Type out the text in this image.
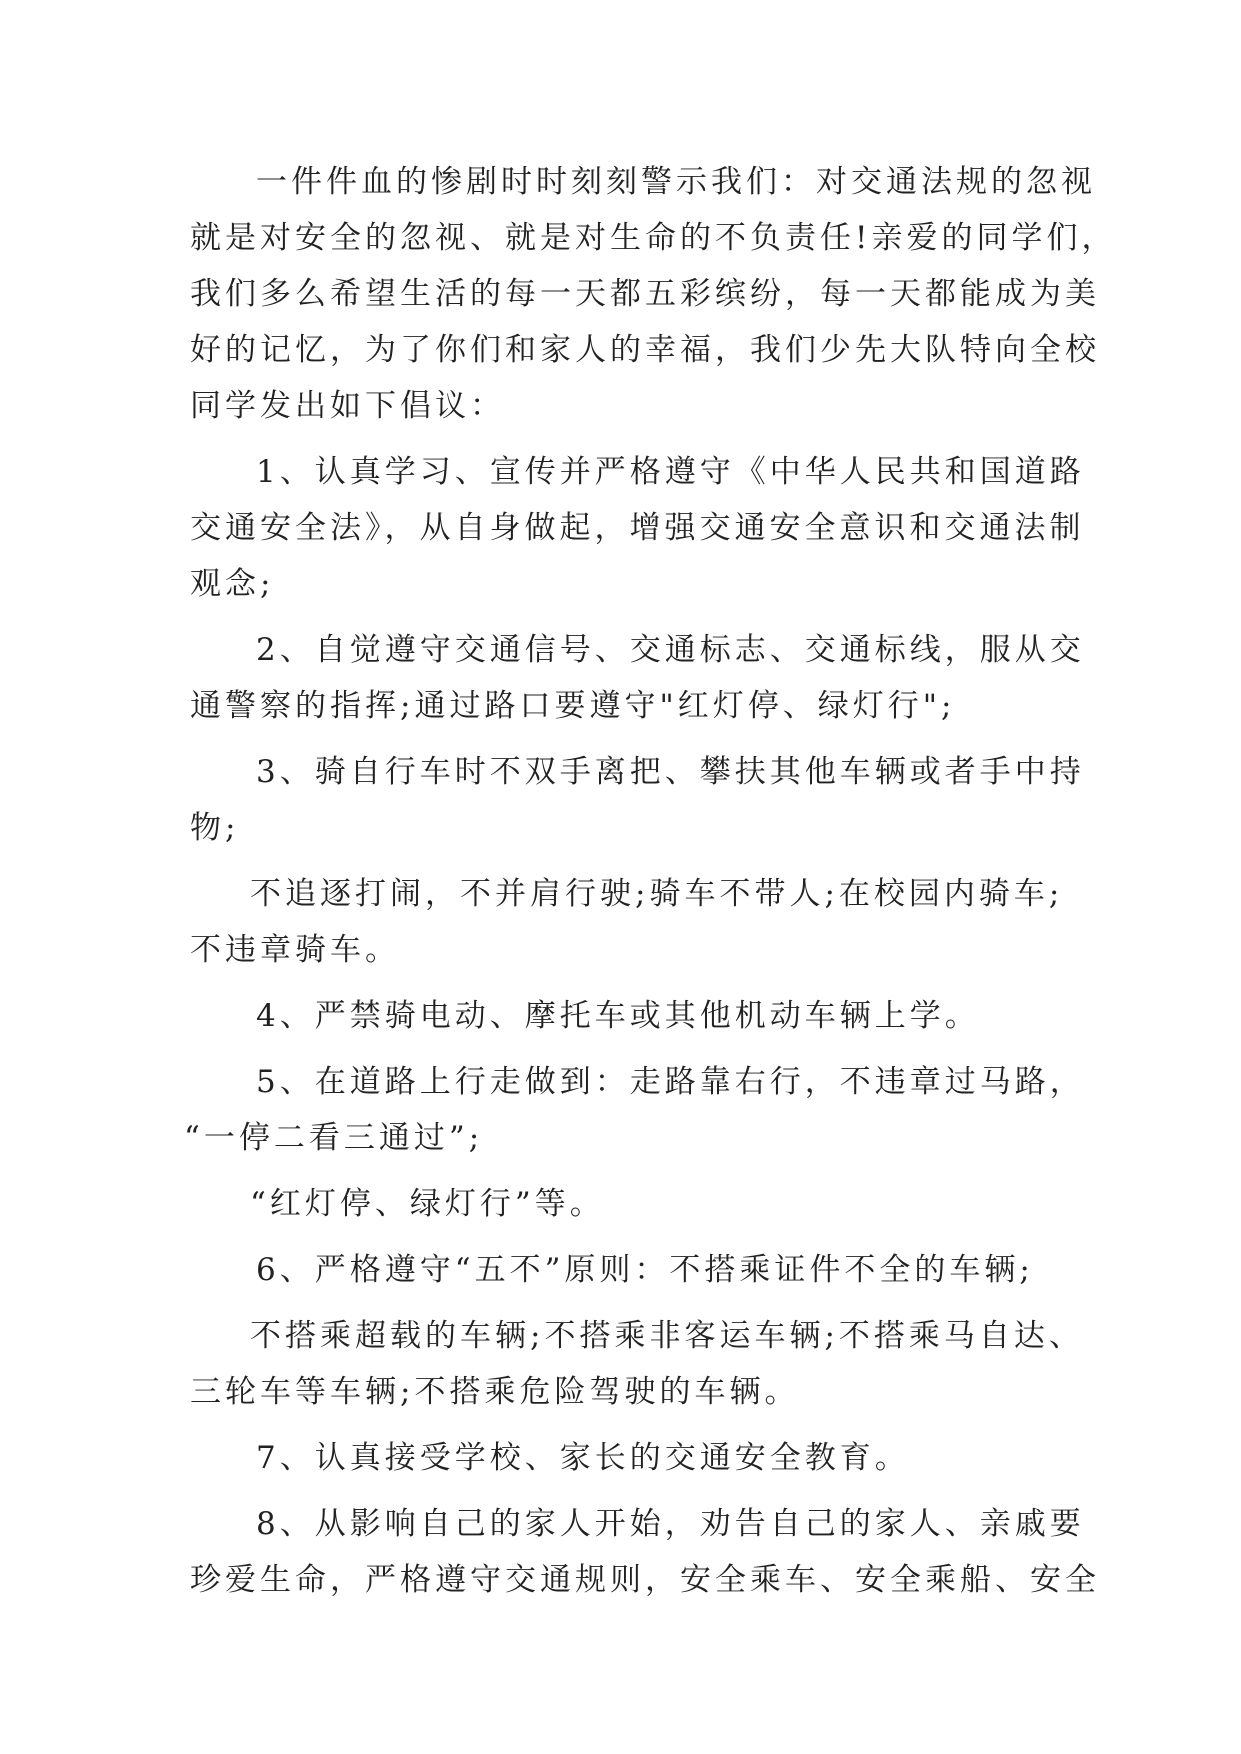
一件件血的惨剧时时刻刻警示我们：对交通法规的忽视
就是对安全的忽视、就是对生命的不负责任!亲爱的同学们，
我们多么希望生活的每一天都五彩缤纷，每一天都能成为美
好的记忆，为了你们和家人的幸福，我们少先大队特向全校
同学发出如下倡议：
1、认真学习、宣传并严格遵守《中华人民共和国道路
交通安全法》，从自身做起，增强交通安全意识和交通法制
观念;
2、自觉遵守交通信号、交通标志、交通标线，服从交
通警察的指挥;通过路口要遵守"红灯停、绿灯行";
3、骑自行车时不双手离把、攀扶其他车辆或者手中持
物;
不追逐打闹，不并肩行驶;骑车不带人;在校园内骑车;
不违章骑车。
4、严禁骑电动、摩托车或其他机动车辆上学。
5、在道路上行走做到：走路靠右行，不违章过马路，
“一停二看三通过”;
“红灯停、绿灯行”等。
6、严格遵守“五不”原则：不搭乘证件不全的车辆;
不搭乘超载的车辆;不搭乘非客运车辆;不搭乘马自达、
三轮车等车辆;不搭乘危险驾驶的车辆。
7、认真接受学校、家长的交通安全教育。
8、从影响自己的家人开始，劝告自己的家人、亲戚要
珍爱生命，严格遵守交通规则，安全乘车、安全乘船、安全
